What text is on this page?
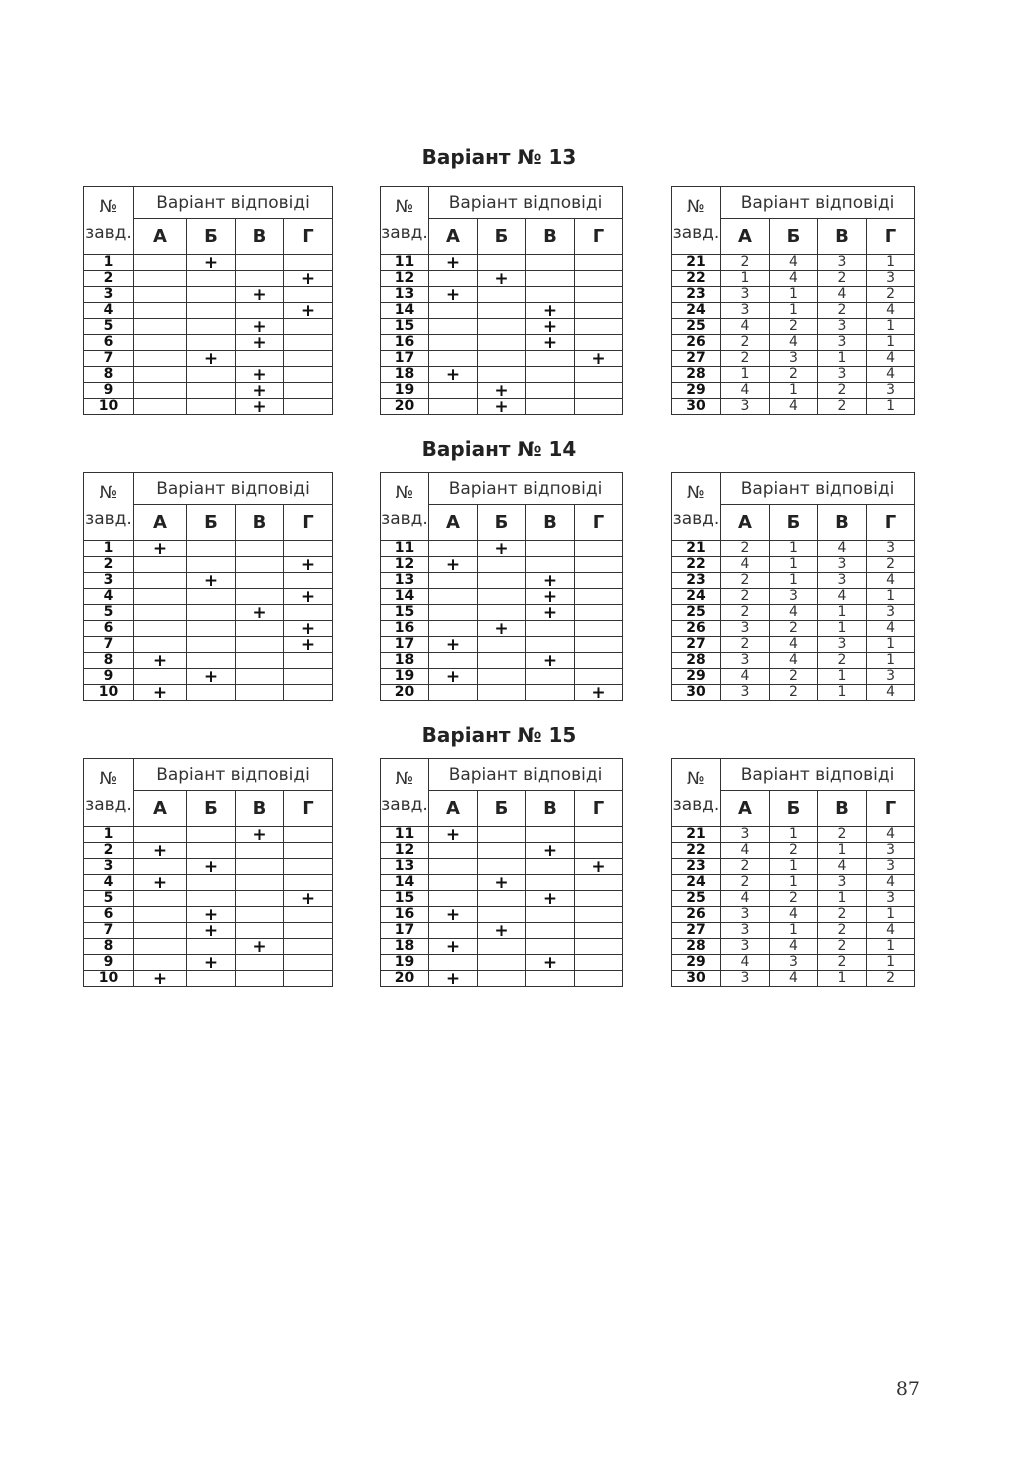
Варіант № 13
№
завд.	Варіант відповіді			
	А	Б	В	Г
1		+		
2				+
3			+	
4				+
5			+	
6			+	
7		+		
8			+	
9			+	
10			+	
№
завд.	Варіант відповіді			
	А	Б	В	Г
11	+			
12		+		
13	+			
14			+	
15			+	
16			+	
17				+
18	+			
19		+		
20		+		
№
завд.	Варіант відповіді			
	А	Б	В	Г
21	2	4	3	1
22	1	4	2	3
23	3	1	4	2
24	3	1	2	4
25	4	2	3	1
26	2	4	3	1
27	2	3	1	4
28	1	2	3	4
29	4	1	2	3
30	3	4	2	1
Варіант № 14
№
завд.	Варіант відповіді			
	А	Б	В	Г
1	+			
2				+
3		+		
4				+
5			+	
6				+
7				+
8	+			
9		+		
10	+			
№
завд.	Варіант відповіді			
	А	Б	В	Г
11		+		
12	+			
13			+	
14			+	
15			+	
16		+		
17	+			
18			+	
19	+			
20				+
№
завд.	Варіант відповіді			
	А	Б	В	Г
21	2	1	4	3
22	4	1	3	2
23	2	1	3	4
24	2	3	4	1
25	2	4	1	3
26	3	2	1	4
27	2	4	3	1
28	3	4	2	1
29	4	2	1	3
30	3	2	1	4
Варіант № 15
№
завд.	Варіант відповіді			
	А	Б	В	Г
1			+	
2	+			
3		+		
4	+			
5				+
6		+		
7		+		
8			+	
9		+		
10	+			
№
завд.	Варіант відповіді			
	А	Б	В	Г
11	+			
12			+	
13				+
14		+		
15			+	
16	+			
17		+		
18	+			
19			+	
20	+			
№
завд.	Варіант відповіді			
	А	Б	В	Г
21	3	1	2	4
22	4	2	1	3
23	2	1	4	3
24	2	1	3	4
25	4	2	1	3
26	3	4	2	1
27	3	1	2	4
28	3	4	2	1
29	4	3	2	1
30	3	4	1	2
87
